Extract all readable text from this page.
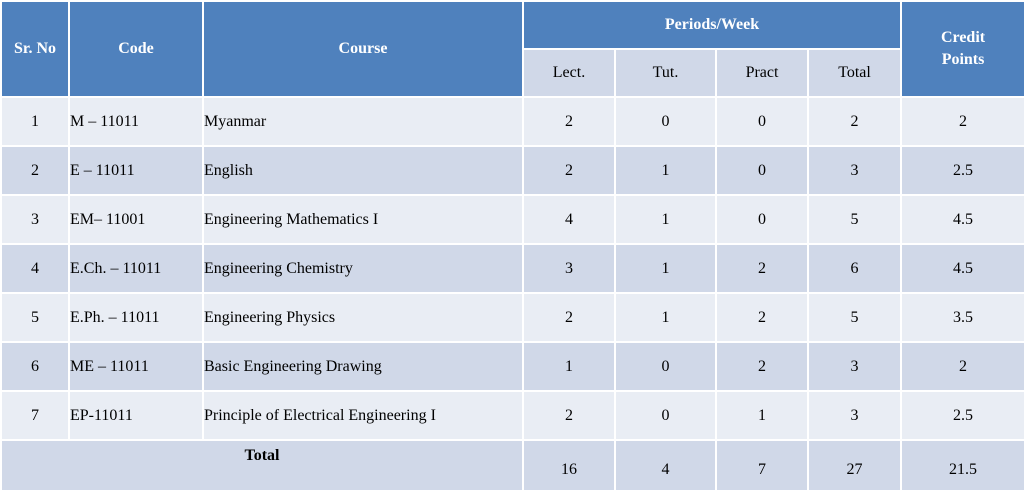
Sr. No	Code	Course	Periods/Week				Credit
Points

			Lect.	Tut.	Pract	Total	
1	M – 11011	Myanmar	2	0	0	2	2
2	E – 11011	English	2	1	0	3	2.5
3	EM– 11001	Engineering Mathematics I	4	1	0	5	4.5
4	E.Ch. – 11011	Engineering Chemistry	3	1	2	6	4.5
5	E.Ph. – 11011	Engineering Physics	2	1	2	5	3.5
6	ME – 11011	Basic Engineering Drawing	1	0	2	3	2
7	EP-11011	Principle of Electrical Engineering I	2	0	1	3	2.5
Total			16	4	7	27	21.5
